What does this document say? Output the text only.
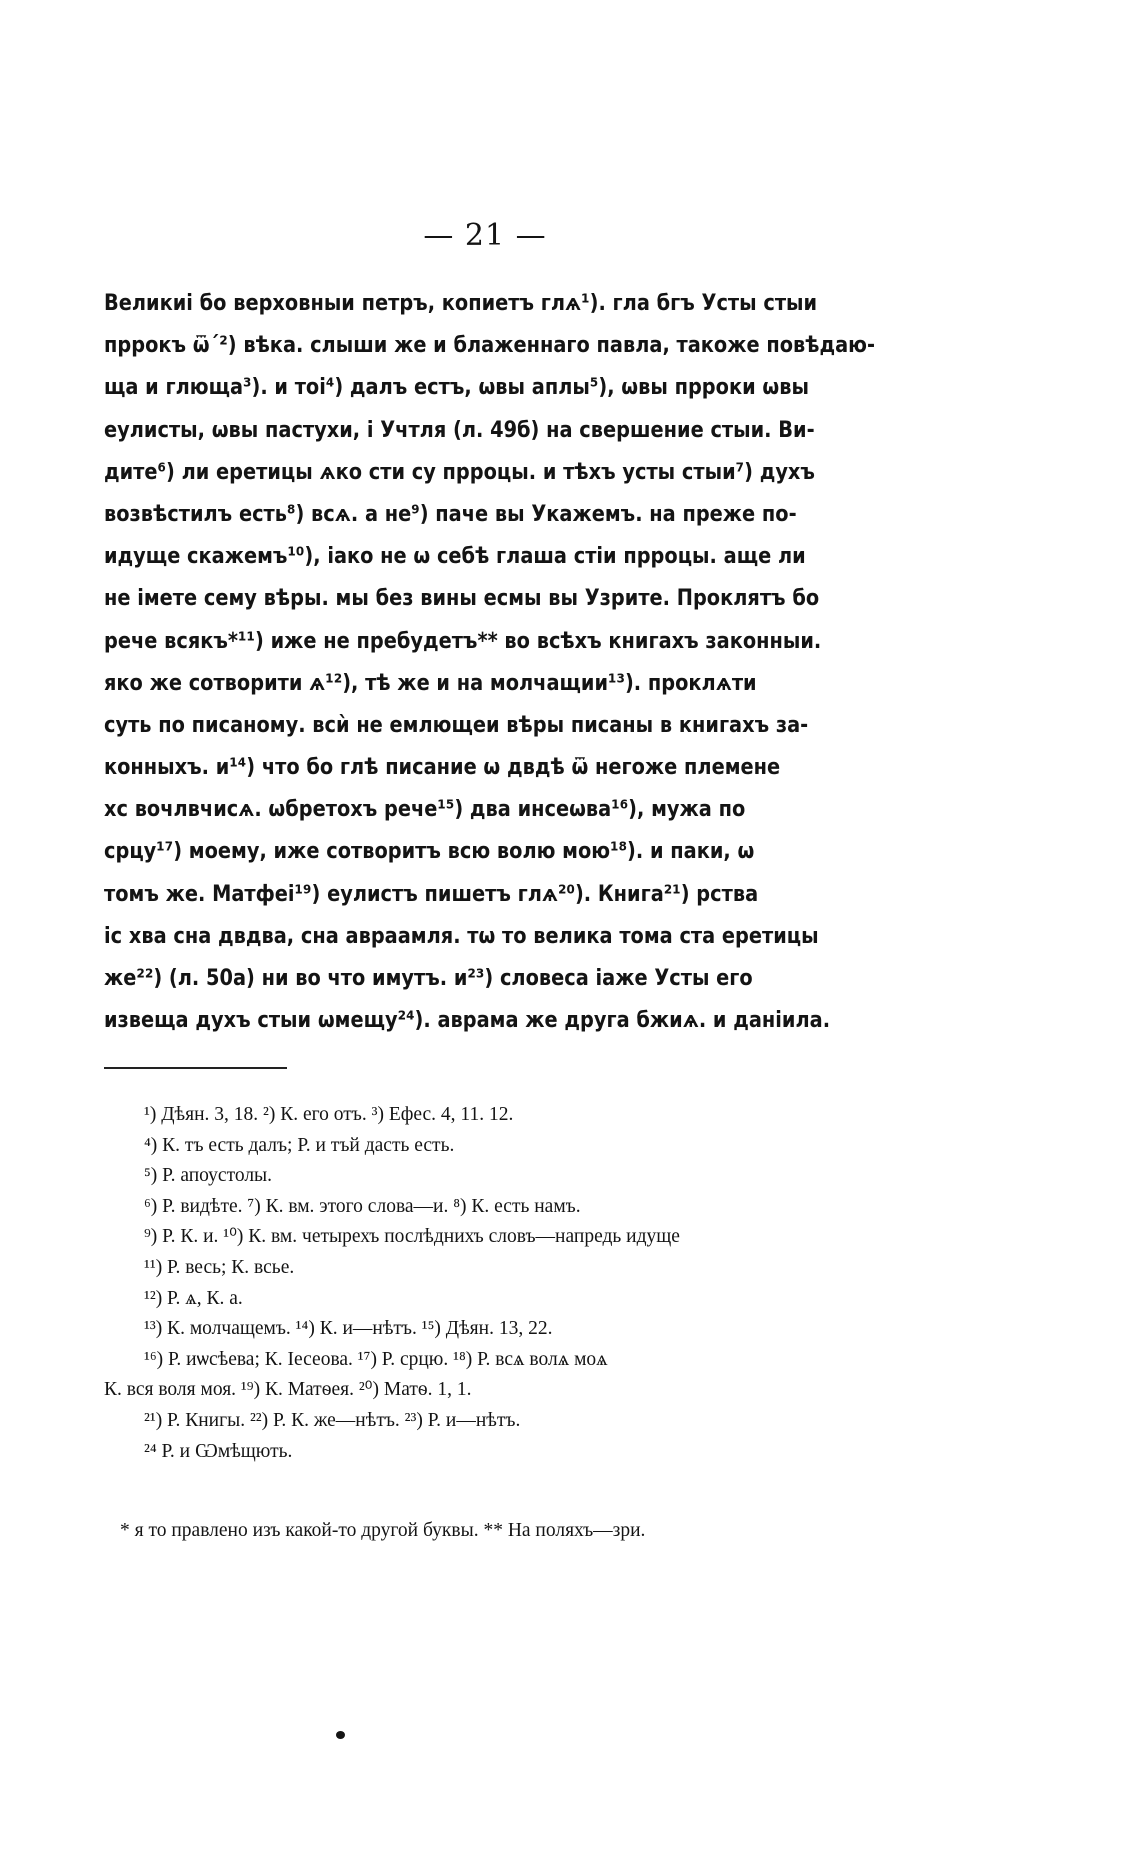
— 21 —
Великиі бо верховныи петръ, копиетъ глѧ¹). гла бгъ Усты стыи
пррокъ ѿ´²) вѣка. слыши же и блаженнаго павла, такоже повѣдаю-
ща и глюща³). и тоі⁴) далъ естъ, ѡвы аплы⁵), ѡвы прроки ѡвы
еулисты, ѡвы пастухи, і Учтля (л. 49б) на свершение стыи. Ви-
дите⁶) ли еретицы ѧко сти су прроцы. и тѣхъ усты стыи⁷) духъ
возвѣстилъ есть⁸) всѧ. а не⁹) паче вы Укажемъ. на преже по-
идуще скажемъ¹⁰), іако не ѡ себѣ глаша стіи прроцы. аще ли
не імете сему вѣры. мы без вины есмы вы Узрите. Проклятъ бо
рече всякъ*¹¹) иже не пребудетъ** во всѣхъ книгахъ законныи.
яко же сотворити ѧ¹²), тѣ же и на молчащии¹³). проклѧти
суть по писаному. всѝ не емлющеи вѣры писаны в книгахъ за-
конныхъ. и¹⁴) что бо глѣ писание ѡ двдѣ ѿ негоже племене
хс вочлвчисѧ. ѡбретохъ рече¹⁵) два инсеѡва¹⁶), мужа по
срцу¹⁷) моему, иже сотворитъ всю волю мою¹⁸). и паки, ѡ
томъ же. Матфеі¹⁹) еулистъ пишетъ глѧ²⁰). Книга²¹) рства
іс хва сна двдва, сна авраамля. тѡ то велика тома ста еретицы
же²²) (л. 50а) ни во что имутъ. и²³) словеса іаже Усты его
извеща духъ стыи ѡмещу²⁴). аврама же друга бжиѧ. и даніила.
¹) Дѣян. 3, 18. ²) К. его отъ. ³) Ефес. 4, 11. 12.
⁴) К. тъ есть далъ; Р. и тъй дасть есть.
⁵) Р. апоустолы.
⁶) Р. видѣте. ⁷) К. вм. этого слова—и. ⁸) К. есть намъ.
⁹) Р. К. и. ¹⁰) К. вм. четырехъ послѣднихъ словъ—напредь идуще
¹¹) Р. весь; К. всье.
¹²) Р. ѧ, К. а.
¹³) К. молчащемъ. ¹⁴) К. и—нѣтъ. ¹⁵) Дѣян. 13, 22.
¹⁶) Р. иѡсѣева; К. Іесеова. ¹⁷) Р. срцю. ¹⁸) Р. всѧ волѧ моѧ
К. вся воля моя. ¹⁹) К. Матѳея. ²⁰) Матѳ. 1, 1.
²¹) Р. Книгы. ²²) Р. К. же—нѣтъ. ²³) Р. и—нѣтъ.
²⁴ Р. и Ѡмѣщють.
* я то правлено изъ какой-то другой буквы. ** На поляхъ—зри.
